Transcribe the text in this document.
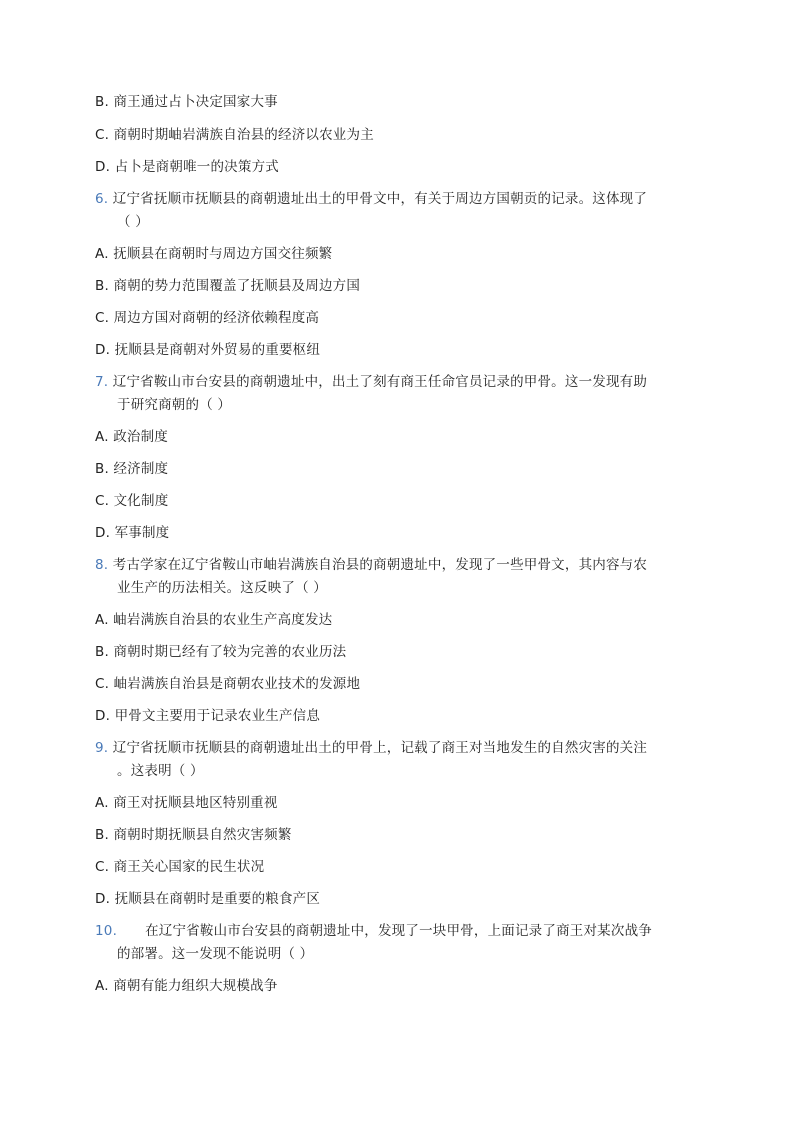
B. 商王通过占卜决定国家大事
C. 商朝时期岫岩满族自治县的经济以农业为主
D. 占卜是商朝唯一的决策方式
6. 辽宁省抚顺市抚顺县的商朝遗址出土的甲骨文中，有关于周边方国朝贡的记录。这体现了
（ ）
A. 抚顺县在商朝时与周边方国交往频繁
B. 商朝的势力范围覆盖了抚顺县及周边方国
C. 周边方国对商朝的经济依赖程度高
D. 抚顺县是商朝对外贸易的重要枢纽
7. 辽宁省鞍山市台安县的商朝遗址中，出土了刻有商王任命官员记录的甲骨。这一发现有助
于研究商朝的（ ）
A. 政治制度
B. 经济制度
C. 文化制度
D. 军事制度
8. 考古学家在辽宁省鞍山市岫岩满族自治县的商朝遗址中，发现了一些甲骨文，其内容与农
业生产的历法相关。这反映了（ ）
A. 岫岩满族自治县的农业生产高度发达
B. 商朝时期已经有了较为完善的农业历法
C. 岫岩满族自治县是商朝农业技术的发源地
D. 甲骨文主要用于记录农业生产信息
9. 辽宁省抚顺市抚顺县的商朝遗址出土的甲骨上，记载了商王对当地发生的自然灾害的关注
。这表明（ ）
A. 商王对抚顺县地区特别重视
B. 商朝时期抚顺县自然灾害频繁
C. 商王关心国家的民生状况
D. 抚顺县在商朝时是重要的粮食产区
10. 在辽宁省鞍山市台安县的商朝遗址中，发现了一块甲骨，上面记录了商王对某次战争
的部署。这一发现不能说明（ ）
A. 商朝有能力组织大规模战争
